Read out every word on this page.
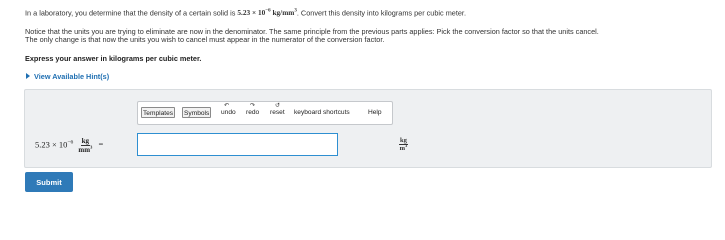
In a laboratory, you determine that the density of a certain solid is $5.23 \times 10^{-6}$ $kg/mm^3$. Convert this density into kilograms per cubic meter.
Notice that the units you are trying to eliminate are now in the denominator. The same principle from the previous parts applies: Pick the conversion factor so that the units cancel.
The only change is that now the units you wish to cancel must appear in the numerator of the conversion factor.
Express your answer in kilograms per cubic meter.
View Available Hint(s)
Templates	Symbols
↶
undo
↷
redo
↺
reset keyboard shortcuts	Help
$5.23 \times 10^{-6} \frac{kg}{mm^3}$ =	$\frac{kg}{m^3}$
Submit
